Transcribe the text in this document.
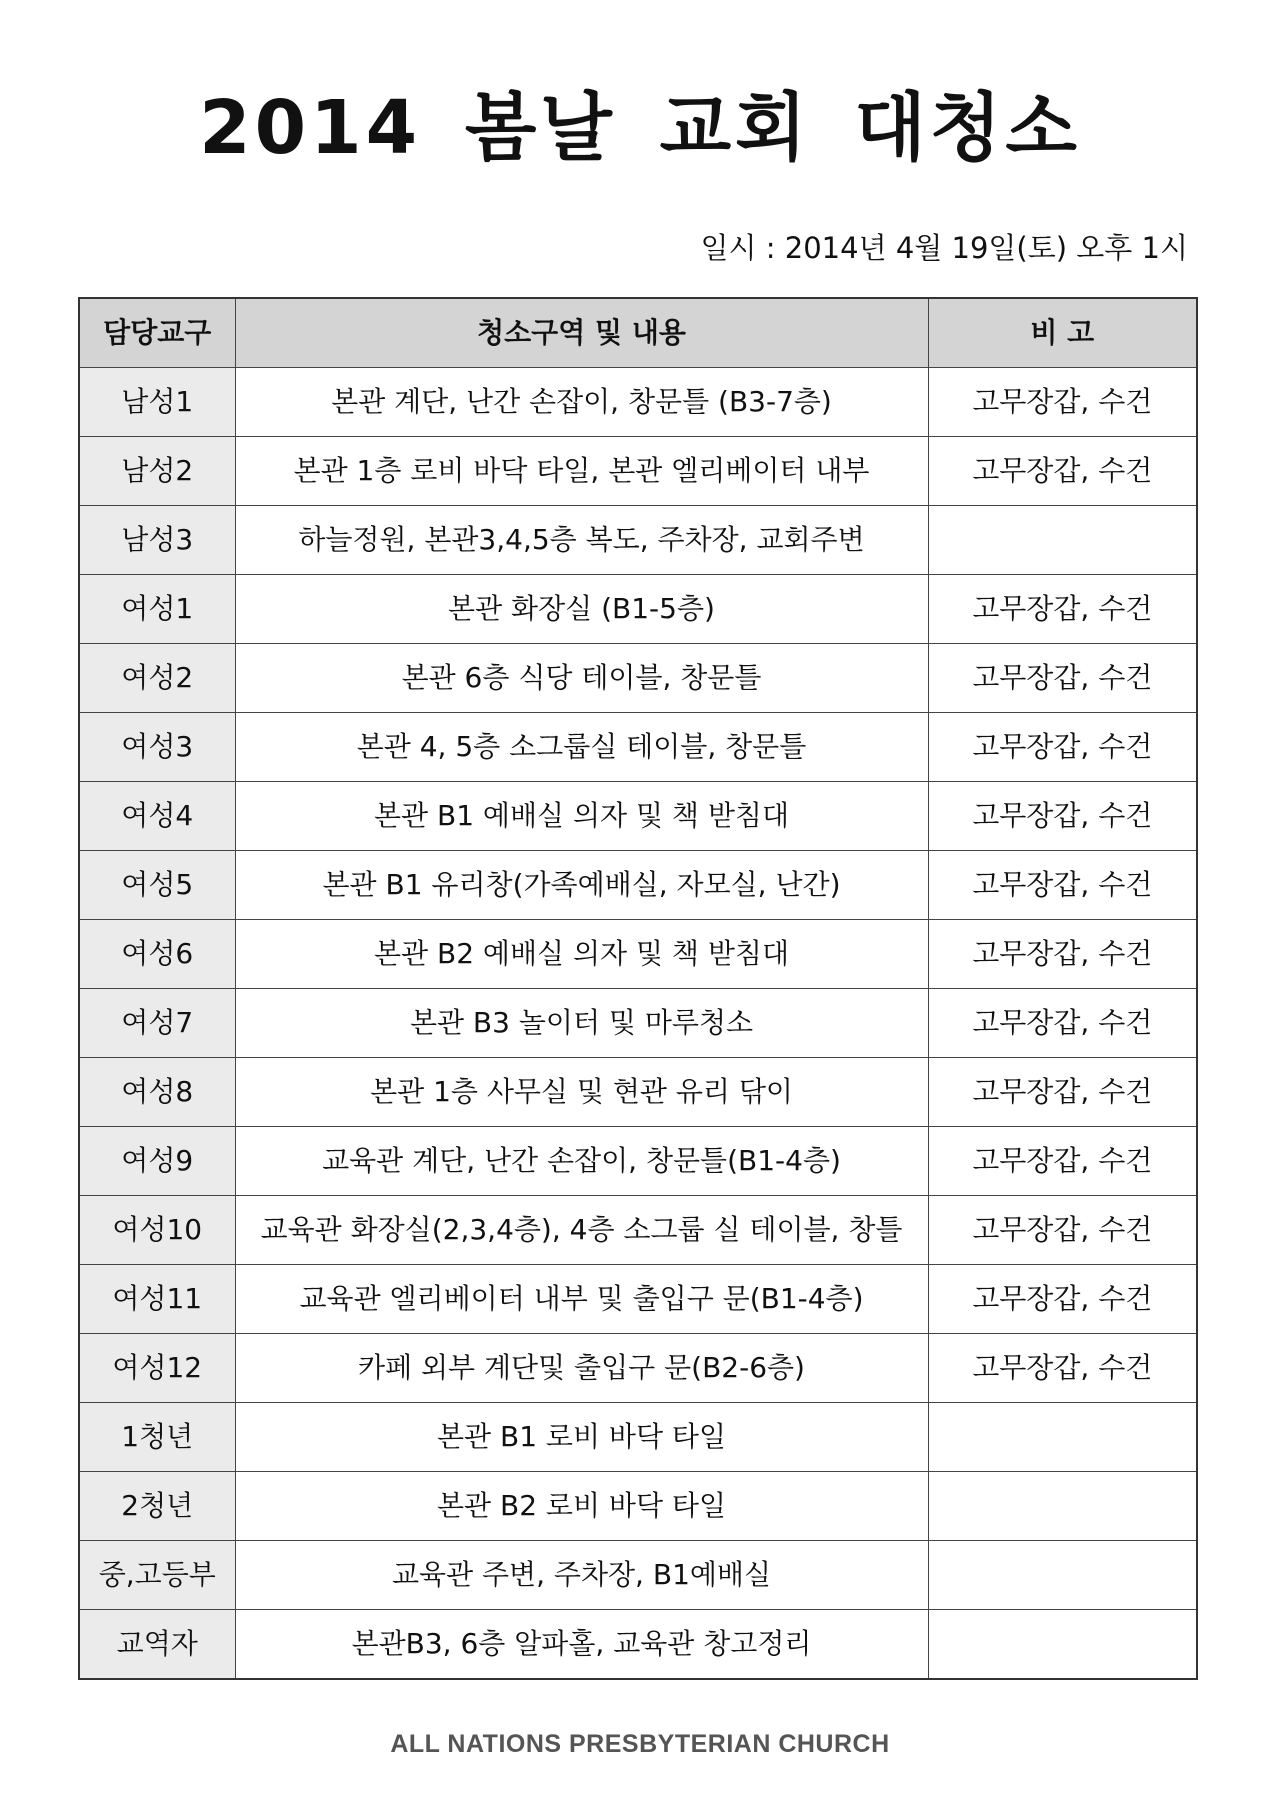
2014 봄날 교회 대청소
일시 : 2014년 4월 19일(토) 오후 1시
담당교구	청소구역 및 내용	비 고
남성1	본관 계단, 난간 손잡이, 창문틀 (B3-7층)	고무장갑, 수건
남성2	본관 1층 로비 바닥 타일, 본관 엘리베이터 내부	고무장갑, 수건
남성3	하늘정원, 본관3,4,5층 복도, 주차장, 교회주변	
여성1	본관 화장실 (B1-5층)	고무장갑, 수건
여성2	본관 6층 식당 테이블, 창문틀	고무장갑, 수건
여성3	본관 4, 5층 소그룹실 테이블, 창문틀	고무장갑, 수건
여성4	본관 B1 예배실 의자 및 책 받침대	고무장갑, 수건
여성5	본관 B1 유리창(가족예배실, 자모실, 난간)	고무장갑, 수건
여성6	본관 B2 예배실 의자 및 책 받침대	고무장갑, 수건
여성7	본관 B3 놀이터 및 마루청소	고무장갑, 수건
여성8	본관 1층 사무실 및 현관 유리 닦이	고무장갑, 수건
여성9	교육관 계단, 난간 손잡이, 창문틀(B1-4층)	고무장갑, 수건
여성10	교육관 화장실(2,3,4층), 4층 소그룹 실 테이블, 창틀	고무장갑, 수건
여성11	교육관 엘리베이터 내부 및 출입구 문(B1-4층)	고무장갑, 수건
여성12	카페 외부 계단및 출입구 문(B2-6층)	고무장갑, 수건
1청년	본관 B1 로비 바닥 타일	
2청년	본관 B2 로비 바닥 타일	
중,고등부	교육관 주변, 주차장, B1예배실	
교역자	본관B3, 6층 알파홀, 교육관 창고정리	
ALL NATIONS PRESBYTERIAN CHURCH
